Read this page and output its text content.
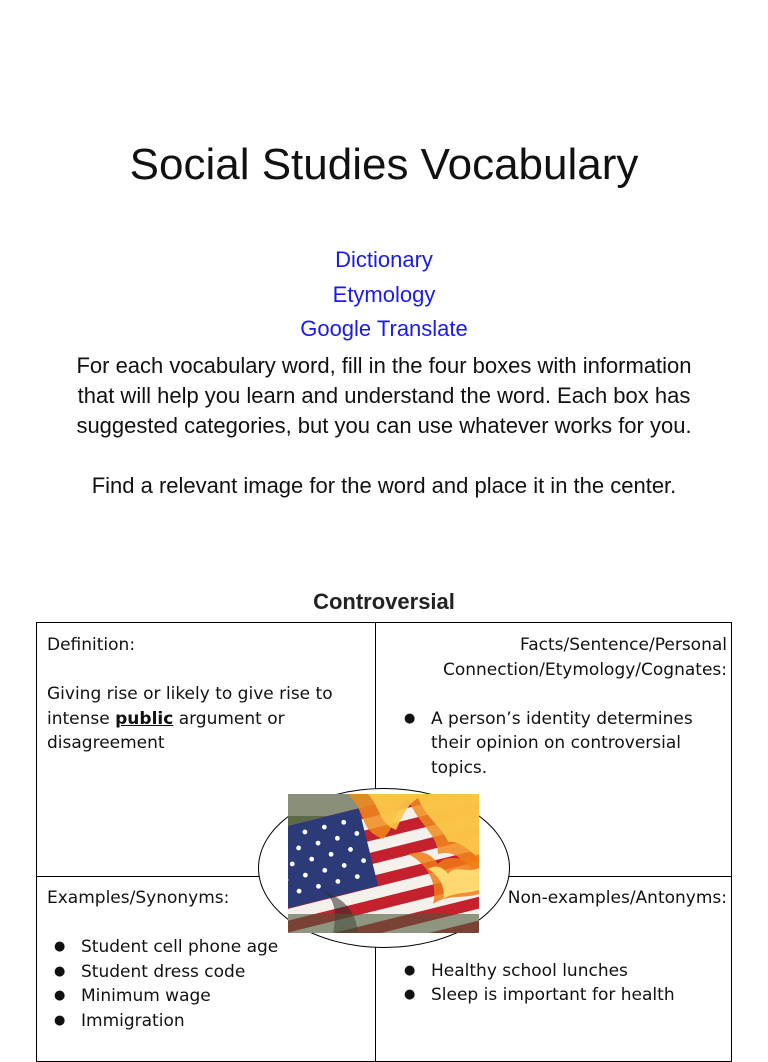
Social Studies Vocabulary
Dictionary
Etymology
Google Translate

For each vocabulary word, fill in the four boxes with information that will help you learn and understand the word. Each box has suggested categories, but you can use whatever works for you.

Find a relevant image for the word and place it in the center.

Controversial

Definition:

Giving rise or likely to give rise to intense public argument or disagreement

Facts/Sentence/Personal Connection/Etymology/Cognates:

● A person’s identity determines their opinion on controversial topics.

Examples/Synonyms:

● Student cell phone age
● Student dress code
● Minimum wage
● Immigration

Non-examples/Antonyms:

● Healthy school lunches
● Sleep is important for health
